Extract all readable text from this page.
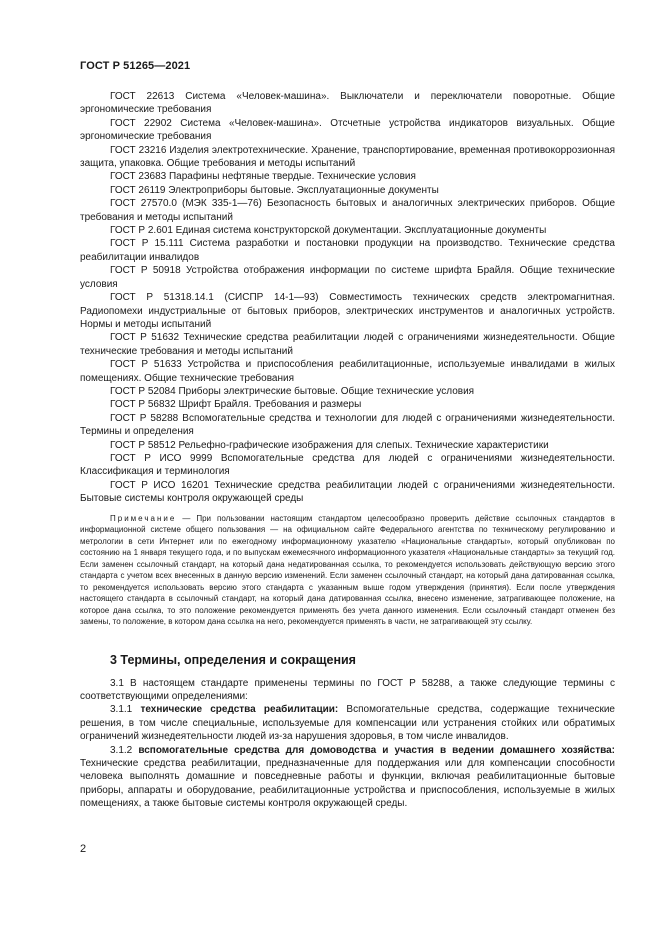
ГОСТ Р 51265—2021

ГОСТ 22613 Система «Человек-машина». Выключатели и переключатели поворотные. Общие эргономические требования

ГОСТ 22902 Система «Человек-машина». Отсчетные устройства индикаторов визуальных. Общие эргономические требования

ГОСТ 23216 Изделия электротехнические. Хранение, транспортирование, временная противокоррозионная защита, упаковка. Общие требования и методы испытаний

ГОСТ 23683 Парафины нефтяные твердые. Технические условия

ГОСТ 26119 Электроприборы бытовые. Эксплуатационные документы

ГОСТ 27570.0 (МЭК 335-1—76) Безопасность бытовых и аналогичных электрических приборов. Общие требования и методы испытаний

ГОСТ Р 2.601 Единая система конструкторской документации. Эксплуатационные документы

ГОСТ Р 15.111 Система разработки и постановки продукции на производство. Технические средства реабилитации инвалидов

ГОСТ Р 50918 Устройства отображения информации по системе шрифта Брайля. Общие технические условия

ГОСТ Р 51318.14.1 (СИСПР 14-1—93) Совместимость технических средств электромагнитная. Радиопомехи индустриальные от бытовых приборов, электрических инструментов и аналогичных устройств. Нормы и методы испытаний

ГОСТ Р 51632 Технические средства реабилитации людей с ограничениями жизнедеятельности. Общие технические требования и методы испытаний

ГОСТ Р 51633 Устройства и приспособления реабилитационные, используемые инвалидами в жилых помещениях. Общие технические требования

ГОСТ Р 52084 Приборы электрические бытовые. Общие технические условия

ГОСТ Р 56832 Шрифт Брайля. Требования и размеры

ГОСТ Р 58288 Вспомогательные средства и технологии для людей с ограничениями жизнедеятельности. Термины и определения

ГОСТ Р 58512 Рельефно-графические изображения для слепых. Технические характеристики

ГОСТ Р ИСО 9999 Вспомогательные средства для людей с ограничениями жизнедеятельности. Классификация и терминология

ГОСТ Р ИСО 16201 Технические средства реабилитации людей с ограничениями жизнедеятельности. Бытовые системы контроля окружающей среды

Примечание — При пользовании настоящим стандартом целесообразно проверить действие ссылочных стандартов в информационной системе общего пользования — на официальном сайте Федерального агентства по техническому регулированию и метрологии в сети Интернет или по ежегодному информационному указателю «Национальные стандарты», который опубликован по состоянию на 1 января текущего года, и по выпускам ежемесячного информационного указателя «Национальные стандарты» за текущий год. Если заменен ссылочный стандарт, на который дана недатированная ссылка, то рекомендуется использовать действующую версию этого стандарта с учетом всех внесенных в данную версию изменений. Если заменен ссылочный стандарт, на который дана датированная ссылка, то рекомендуется использовать версию этого стандарта с указанным выше годом утверждения (принятия). Если после утверждения настоящего стандарта в ссылочный стандарт, на который дана датированная ссылка, внесено изменение, затрагивающее положение, на которое дана ссылка, то это положение рекомендуется применять без учета данного изменения. Если ссылочный стандарт отменен без замены, то положение, в котором дана ссылка на него, рекомендуется применять в части, не затрагивающей эту ссылку.

3 Термины, определения и сокращения

3.1 В настоящем стандарте применены термины по ГОСТ Р 58288, а также следующие термины с соответствующими определениями:

3.1.1 технические средства реабилитации: Вспомогательные средства, содержащие технические решения, в том числе специальные, используемые для компенсации или устранения стойких или обратимых ограничений жизнедеятельности людей из-за нарушения здоровья, в том числе инвалидов.

3.1.2 вспомогательные средства для домоводства и участия в ведении домашнего хозяйства: Технические средства реабилитации, предназначенные для поддержания или для компенсации способности человека выполнять домашние и повседневные работы и функции, включая реабилитационные бытовые приборы, аппараты и оборудование, реабилитационные устройства и приспособления, используемые в жилых помещениях, а также бытовые системы контроля окружающей среды.

2
